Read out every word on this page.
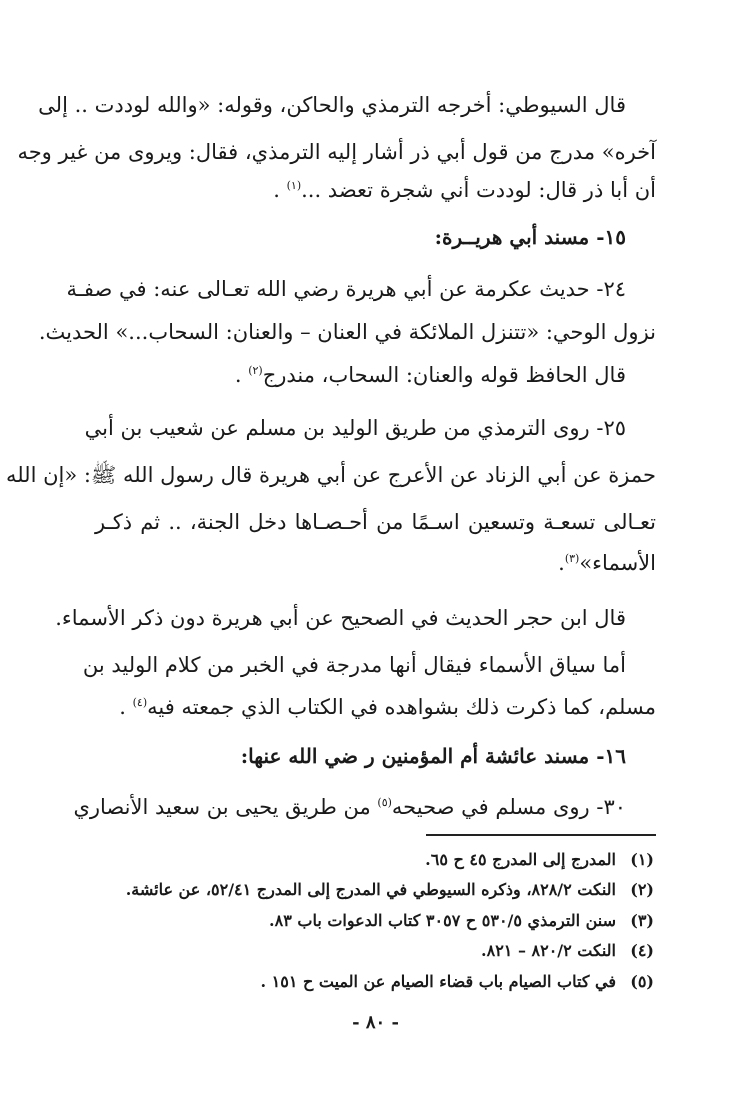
قال السيوطي: أخرجه الترمذي والحاكن، وقوله: «والله لوددت .. إلى
آخره» مدرج من قول أبي ذر أشار إليه الترمذي، فقال: ويروى من غير وجه
أن أبا ذر قال: لوددت أني شجرة تعضد ...$^{(١)}$ .
١٥- مسند أبي هريــرة:
٢٤- حديث عكرمة عن أبي هريرة رضي الله تعـالى عنه: في صفـة
نزول الوحي: «تتنزل الملائكة في العنان – والعنان: السحاب...» الحديث.
قال الحافظ قوله والعنان: السحاب، مندرج$^{(٢)}$ .
٢٥- روى الترمذي من طريق الوليد بن مسلم عن شعيب بن أبي
حمزة عن أبي الزناد عن الأعرج عن أبي هريرة قال رسول الله ﷺ: «إن الله
تعـالى تسعـة وتسعين اسـمًا من أحـصـاها دخل الجنة، .. ثم ذكـر
الأسماء»$^{(٣)}$.
قال ابن حجر الحديث في الصحيح عن أبي هريرة دون ذكر الأسماء.
أما سياق الأسماء فيقال أنها مدرجة في الخبر من كلام الوليد بن
مسلم، كما ذكرت ذلك بشواهده في الكتاب الذي جمعته فيه$^{(٤)}$ .
١٦- مسند عائشة أم المؤمنين ر ضي الله عنها:
٣٠- روى مسلم في صحيحه$^{(٥)}$ من طريق يحيى بن سعيد الأنصاري
(١)المدرج إلى المدرج ٤٥ ح ٦٥.
(٢)النكت ٨٢٨/٢، وذكره السيوطي في المدرج إلى المدرج ٥٢/٤١، عن عائشة.
(٣)سنن الترمذي ٥٣٠/٥ ح ٣٠٥٧ كتاب الدعوات باب ٨٣.
(٤)النكت ٨٢٠/٢ – ٨٢١.
(٥)في كتاب الصيام باب قضاء الصيام عن الميت ح ١٥١ .
- ٨٠ -
